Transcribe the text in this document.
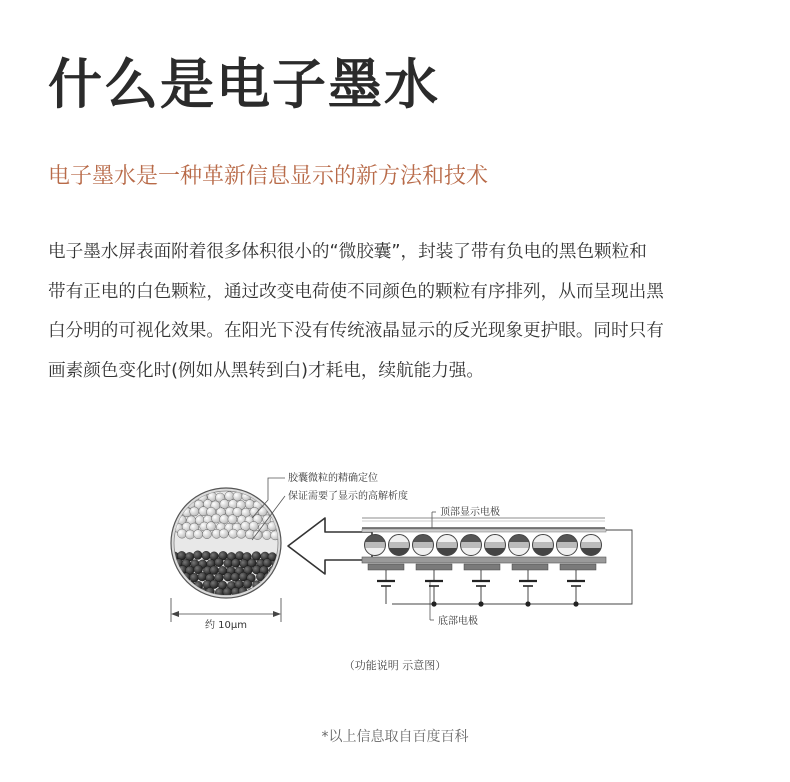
什么是电子墨水
电子墨水是一种革新信息显示的新方法和技术

电子墨水屏表面附着很多体积很小的“微胶囊”，封装了带有负电的黑色颗粒和

带有正电的白色颗粒，通过改变电荷使不同颜色的颗粒有序排列，从而呈现出黑

白分明的可视化效果。在阳光下没有传统液晶显示的反光现象更护眼。同时只有

画素颜色变化时(例如从黑转到白)才耗电，续航能力强。

约 10μm
胶囊微粒的精确定位
保证需要了显示的高解析度
顶部显示电极
底部电极
（功能说明 示意图）
*以上信息取自百度百科
